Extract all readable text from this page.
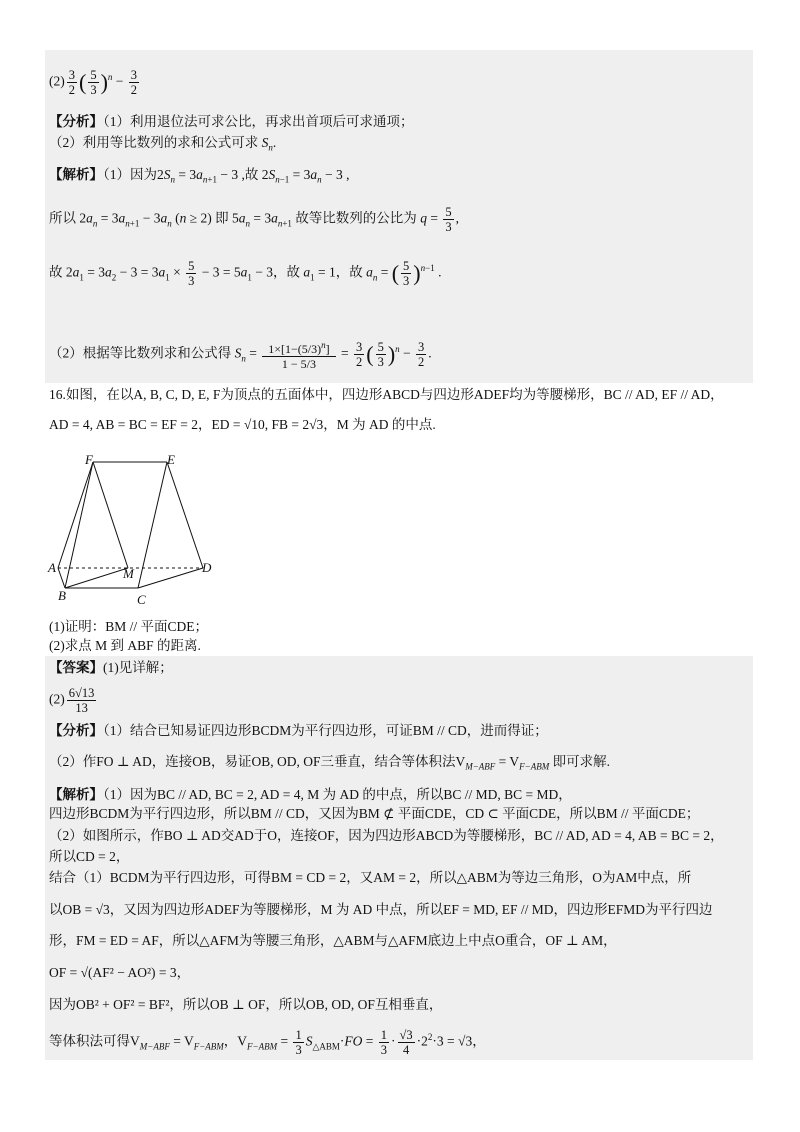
$(2) \frac{3}{2}$ ( $\frac{5}{3} )^n - \frac{3}{2}$
【分析】（1）利用退位法可求公比，再求出首项后可求通项；
（2）利用等比数列的求和公式可求 $S_n$.
【解析】（1）因为$2S_n = 3a_{n+1} - 3$ ,故 $2S_{n-1} = 3a_n - 3$ ,
所以 $2a_n = 3a_{n+1} - 3a_n$ (n ≥ 2) 即 $5a_n = 3a_{n+1}$ 故等比数列的公比为 $q = \frac{5}{3}$ ,
故 $2a_1 = 3a_2 - 3 = 3a_1 \times \frac{5}{3} - 3 = 5a_1 - 3$，故 $a_1 = 1$，故 $a_n$ = ( $\frac{5}{3} )^{n-1}$ .
（2）根据等比数列求和公式得 $S_n = \frac{1\times[1-(5/3)^n]}{1 - 5/3} = \frac{3}{2}$ ( $\frac{5}{3} )^n - \frac{3}{2}$ .
16.如图，在以A, B, C, D, E, F为顶点的五面体中，四边形ABCD与四边形ADEF均为等腰梯形，BC // AD, EF // AD，
AD = 4, AB = BC = EF = 2，ED = √10, FB = 2√3，M 为 AD 的中点.
F	E
A	M	D
B	C
(1)证明：BM // 平面CDE；
(2)求点 M 到 ABF 的距离.
【答案】(1)见详解；
$(2) \frac{6√13}{13}$
【分析】（1）结合已知易证四边形BCDM为平行四边形，可证BM // CD，进而得证；
（2）作FO ⊥ AD，连接OB，易证OB, OD, OF三垂直，结合等体积法$V_{M-ABF} = V_{F-ABM}$ 即可求解.
【解析】（1）因为BC // AD, BC = 2, AD = 4, M 为 AD 的中点，所以BC // MD, BC = MD，
四边形BCDM为平行四边形，所以BM // CD，又因为BM ⊄ 平面CDE，CD ⊂ 平面CDE，所以BM // 平面CDE；
（2）如图所示，作BO ⊥ AD交AD于O，连接OF，因为四边形ABCD为等腰梯形，BC // AD, AD = 4, AB = BC = 2，
所以CD = 2，
结合（1）BCDM为平行四边形，可得BM = CD = 2，又AM = 2，所以△ABM为等边三角形，O为AM中点，所
以OB = √3，又因为四边形ADEF为等腰梯形，M 为 AD 中点，所以EF = MD, EF // MD，四边形EFMD为平行四边
形，FM = ED = AF，所以△AFM为等腰三角形，△ABM与△AFM底边上中点O重合，OF ⊥ AM，
OF = √(AF² − AO²) = 3，
因为OB² + OF² = BF²，所以OB ⊥ OF，所以OB, OD, OF互相垂直，
等体积法可得$V_{M-ABF} = V_{F-ABM}$，$V_{F-ABM} = \frac{1}{3} S_{\triangle ABM}\cdot FO = \frac{1}{3} \cdot \frac{√3}{4} \cdot 2^2\cdot 3 = √3$，
